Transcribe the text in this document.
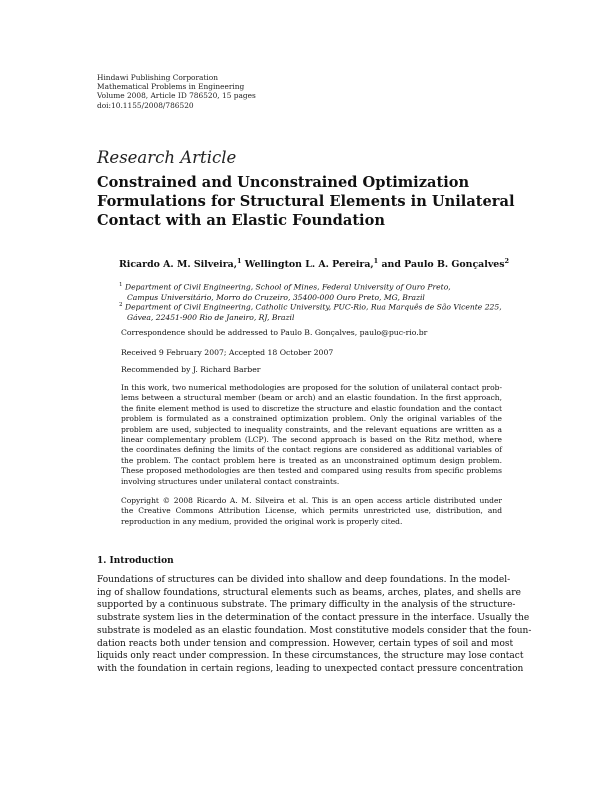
Hindawi Publishing Corporation
Mathematical Problems in Engineering
Volume 2008, Article ID 786520, 15 pages
doi:10.1155/2008/786520
Research Article
Constrained and Unconstrained Optimization
Formulations for Structural Elements in Unilateral
Contact with an Elastic Foundation
Ricardo A. M. Silveira,$^1$ Wellington L. A. Pereira,$^1$ and Paulo B. Gonçalves$^2$
$^1$ Department of Civil Engineering, School of Mines, Federal University of Ouro Preto,
Campus Universitário, Morro do Cruzeiro, 35400-000 Ouro Preto, MG, Brazil
$^2$ Department of Civil Engineering, Catholic University, PUC-Rio, Rua Marquês de São Vicente 225,
Gávea, 22451-900 Rio de Janeiro, RJ, Brazil
Correspondence should be addressed to Paulo B. Gonçalves, paulo@puc-rio.br
Received 9 February 2007; Accepted 18 October 2007
Recommended by J. Richard Barber
In this work, two numerical methodologies are proposed for the solution of unilateral contact prob-
lems between a structural member (beam or arch) and an elastic foundation. In the first approach,
the finite element method is used to discretize the structure and elastic foundation and the contact
problem is formulated as a constrained optimization problem. Only the original variables of the
problem are used, subjected to inequality constraints, and the relevant equations are written as a
linear complementary problem (LCP). The second approach is based on the Ritz method, where
the coordinates defining the limits of the contact regions are considered as additional variables of
the problem. The contact problem here is treated as an unconstrained optimum design problem.
These proposed methodologies are then tested and compared using results from specific problems
involving structures under unilateral contact constraints.
Copyright © 2008 Ricardo A. M. Silveira et al. This is an open access article distributed under
the Creative Commons Attribution License, which permits unrestricted use, distribution, and
reproduction in any medium, provided the original work is properly cited.
1. Introduction
Foundations of structures can be divided into shallow and deep foundations. In the model-
ing of shallow foundations, structural elements such as beams, arches, plates, and shells are
supported by a continuous substrate. The primary difficulty in the analysis of the structure-
substrate system lies in the determination of the contact pressure in the interface. Usually the
substrate is modeled as an elastic foundation. Most constitutive models consider that the foun-
dation reacts both under tension and compression. However, certain types of soil and most
liquids only react under compression. In these circumstances, the structure may lose contact
with the foundation in certain regions, leading to unexpected contact pressure concentration
